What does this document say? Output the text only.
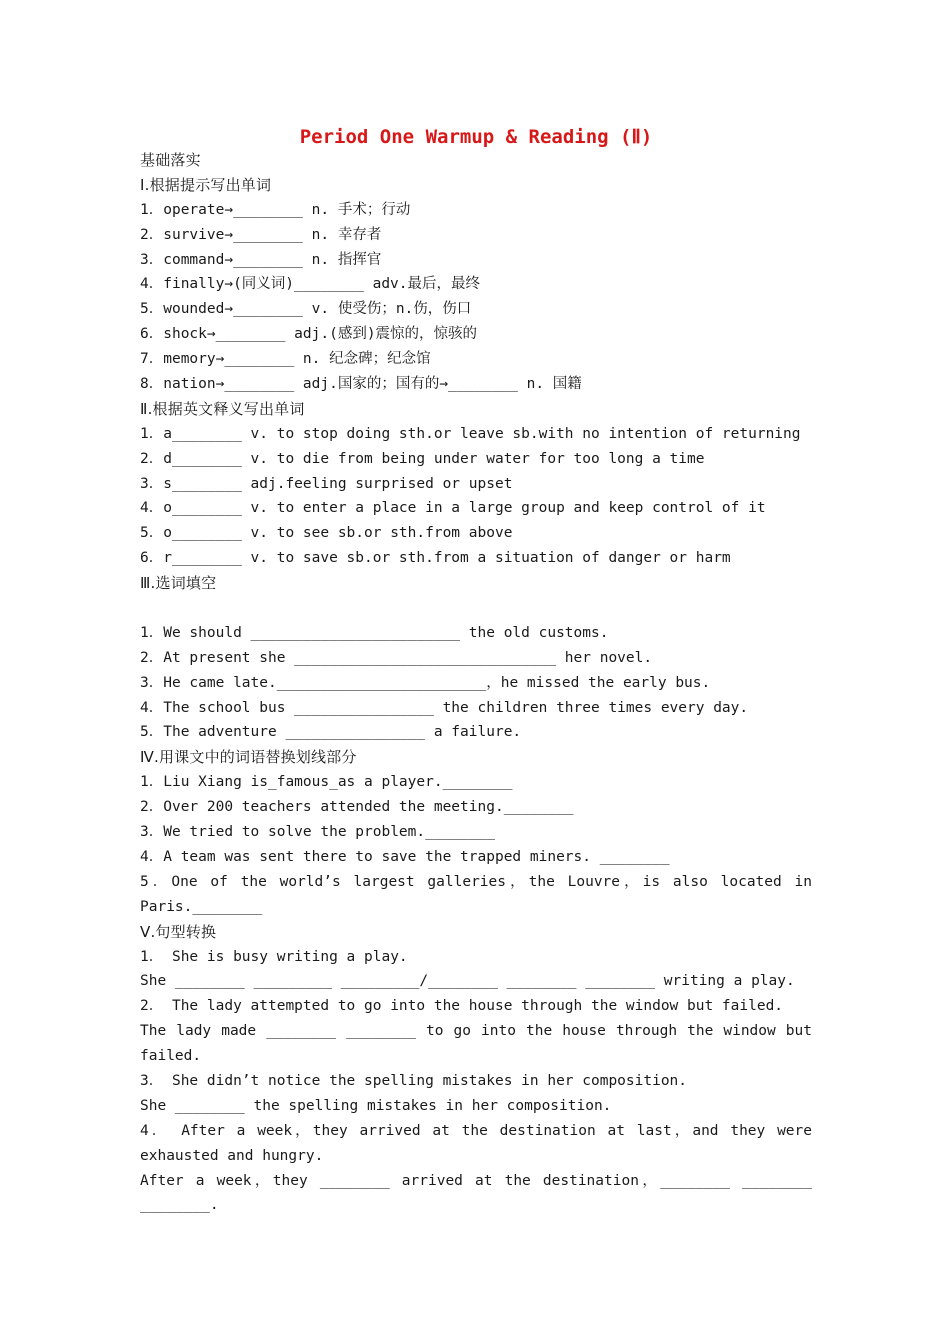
Period One Warmup & Reading (Ⅱ)
基础落实
Ⅰ.根据提示写出单词
1．operate→________ n. 手术；行动
2．survive→________ n. 幸存者
3．command→________ n. 指挥官
4．finally→(同义词)________ adv.最后，最终
5．wounded→________ v. 使受伤；n.伤，伤口
6．shock→________ adj.(感到)震惊的，惊骇的
7．memory→________ n. 纪念碑；纪念馆
8．nation→________ adj.国家的；国有的→________ n. 国籍
Ⅱ.根据英文释义写出单词
1．a________ v. to stop doing sth.or leave sb.with no intention of returning
2．d________ v. to die from being under water for too long a time
3．s________ adj.feeling surprised or upset
4．o________ v. to enter a place in a large group and keep control of it
5．o________ v. to see sb.or sth.from above
6．r________ v. to save sb.or sth.from a situation of danger or harm
Ⅲ.选词填空
1．We should ________________________ the old customs.
2．At present she ______________________________ her novel.
3．He came late.________________________，he missed the early bus.
4．The school bus ________________ the children three times every day.
5．The adventure ________________ a failure.
Ⅳ.用课文中的词语替换划线部分
1．Liu Xiang is_famous_as a player.________
2．Over 200 teachers attended the meeting.________
3．We tried to solve the problem.________
4．A team was sent there to save the trapped miners. ________
5．One of the world’s largest galleries，the Louvre，is also located in
Paris.________
Ⅴ.句型转换
1． She is busy writing a play.
She ________ _________ _________/________ ________ ________ writing a play.
2． The lady attempted to go into the house through the window but failed.
The lady made ________ ________ to go into the house through the window but
failed.
3． She didn’t notice the spelling mistakes in her composition.
She ________ the spelling mistakes in her composition.
4． After a week，they arrived at the destination at last，and they were
exhausted and hungry.
After a week，they ________ arrived at the destination，________ ________
________.
